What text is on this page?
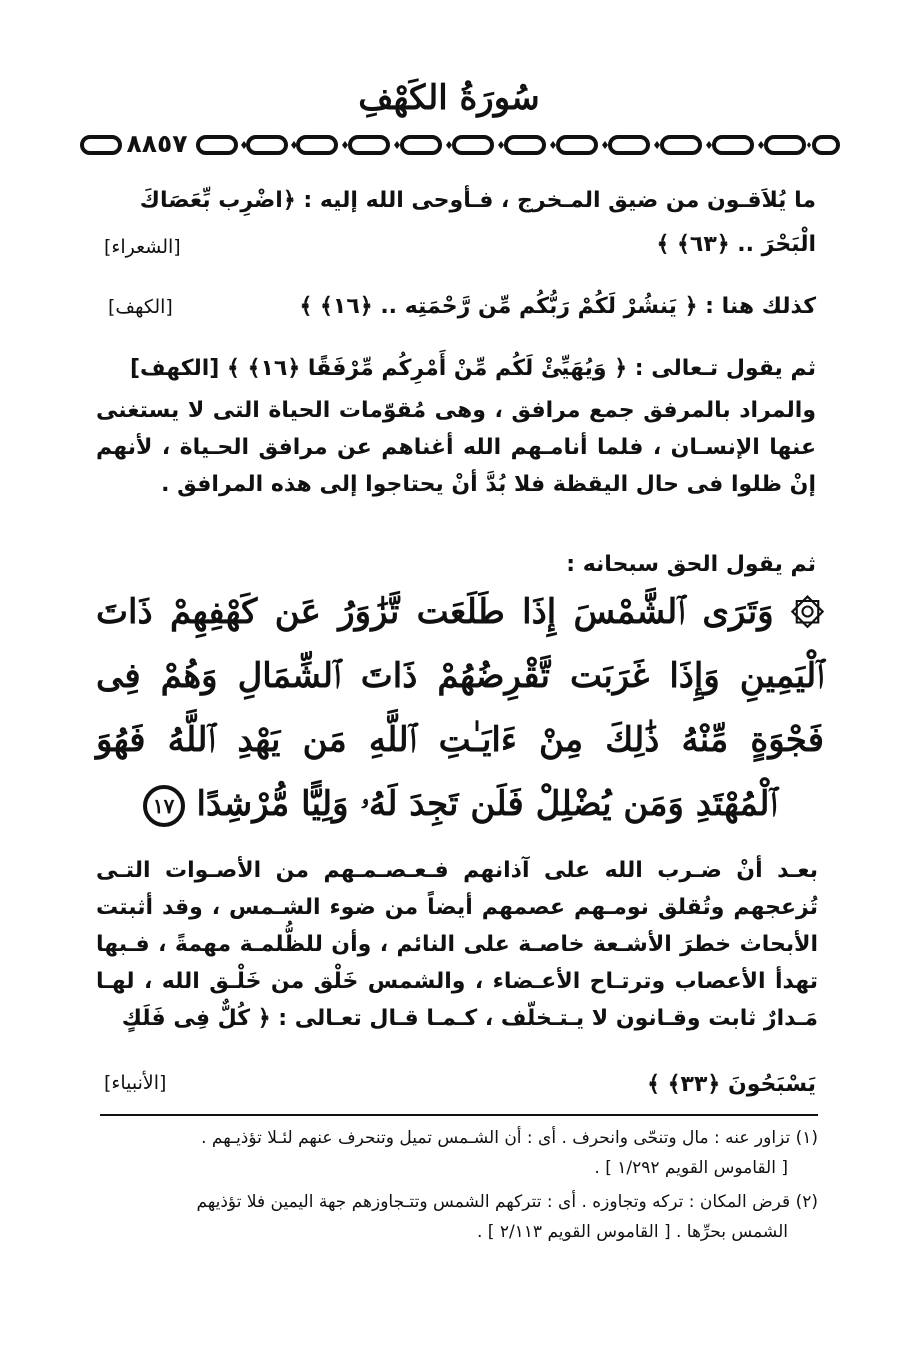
سُورَةُ الكَهْفِ
٨٨٥٧
ما يُلاَقـون من ضيق المـخرج ، فـأوحى الله إليه : ﴿اضْرِب بِّعَصَاكَ
الْبَحْرَ .. ﴿٦٣﴾ ﴾
[الشعراء]
كذلك هنا : ﴿ يَنشُرْ لَكُمْ رَبُّكُم مِّن رَّحْمَتِه .. ﴿١٦﴾ ﴾
[الكهف]
ثم يقول تـعالى : ﴿ وَيُهَيِّئْ لَكُم مِّنْ أَمْرِكُم مِّرْفَقًا ﴿١٦﴾ ﴾ [الكهف]

والمراد بالمرفق جمع مرافق ، وهى مُقوّمات الحياة التى لا يستغنى عنها الإنسـان ، فلما أنامـهم الله أغناهم عن مرافق الحـياة ، لأنهم إنْ ظلوا فى حال اليقظة فلا بُدَّ أنْ يحتاجوا إلى هذه المرافق .

ثم يقول الحق سبحانه :
۞ وَتَرَى ٱلشَّمْسَ إِذَا طَلَعَت تَّزَٰوَرُ عَن كَهْفِهِمْ ذَاتَ ٱلْيَمِينِ وَإِذَا غَرَبَت تَّقْرِضُهُمْ ذَاتَ ٱلشِّمَالِ وَهُمْ فِى فَجْوَةٍ مِّنْهُ ذَٰلِكَ مِنْ ءَايَـٰتِ ٱللَّهِ مَن يَهْدِ ٱللَّهُ فَهُوَ ٱلْمُهْتَدِ وَمَن يُضْلِلْ فَلَن تَجِدَ لَهُۥ وَلِيًّا مُّرْشِدًا ١٧

بعـد أنْ ضـرب الله على آذانهم فـعـصـمـهم من الأصـوات التـى تُزعجهم وتُقلق نومـهم عصمهم أيضاً من ضوء الشـمس ، وقد أثبتت الأبحاث خطرَ الأشـعة خاصـة على النائم ، وأن للظُّلمـة مهمةً ، فـبها تهدأ الأعصاب وترتـاح الأعـضاء ، والشمس خَلْق من خَلْـق الله ، لهـا مَـدارٌ ثابت وقـانون لا يـتـخلّف ، كـمـا قـال تعـالى : ﴿ كُلٌّ فِى فَلَكٍ

يَسْبَحُونَ ﴿٣٣﴾ ﴾
[الأنبياء]
(١) تزاور عنه : مال وتنحّى وانحرف . أى : أن الشـمس تميل وتنحرف عنهم لئـلا تؤذيـهم .
[ القاموس القويم ١/٢٩٢ ] .
(٢) قرض المكان : تركه وتجاوزه . أى : تتركهم الشمس وتتـجاوزهم جهة اليمين فلا تؤذيهم
الشمس بحرِّها . [ القاموس القويم ٢/١١٣ ] .
